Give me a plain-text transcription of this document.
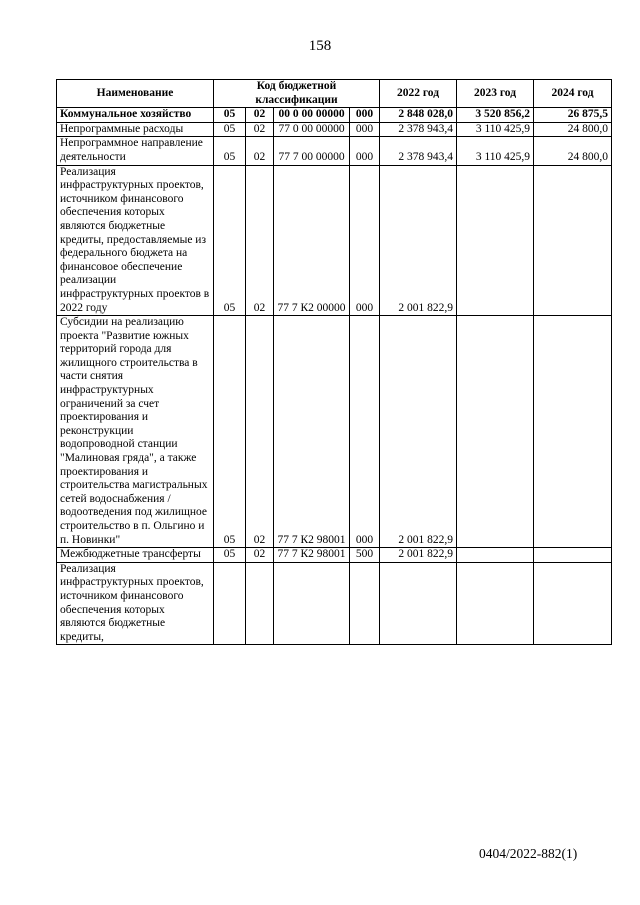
158
Наименование	Код бюджетной классификации				2022 год	2023 год	2024 год
Коммунальное хозяйство	05	02	00 0 00 00000	000	2 848 028,0	3 520 856,2	26 875,5
Непрограммные расходы	05	02	77 0 00 00000	000	2 378 943,4	3 110 425,9	24 800,0
Непрограммное направление деятельности	05	02	77 7 00 00000	000	2 378 943,4	3 110 425,9	24 800,0
Реализация инфраструктурных проектов, источником финансового обеспечения которых являются бюджетные кредиты, предоставляемые из федерального бюджета на финансовое обеспечение реализации инфраструктурных проектов в 2022 году	05	02	77 7 К2 00000	000	2 001 822,9		
Субсидии на реализацию проекта "Развитие южных территорий города для жилищного строительства в части снятия инфраструктурных ограничений за счет проектирования и реконструкции водопроводной станции "Малиновая гряда", а также проектирования и строительства магистральных сетей водоснабжения / водоотведения под жилищное строительство в п. Ольгино и п. Новинки"	05	02	77 7 К2 98001	000	2 001 822,9		
Межбюджетные трансферты	05	02	77 7 К2 98001	500	2 001 822,9		
Реализация инфраструктурных проектов, источником финансового обеспечения которых являются бюджетные кредиты,							
0404/2022-882(1)
